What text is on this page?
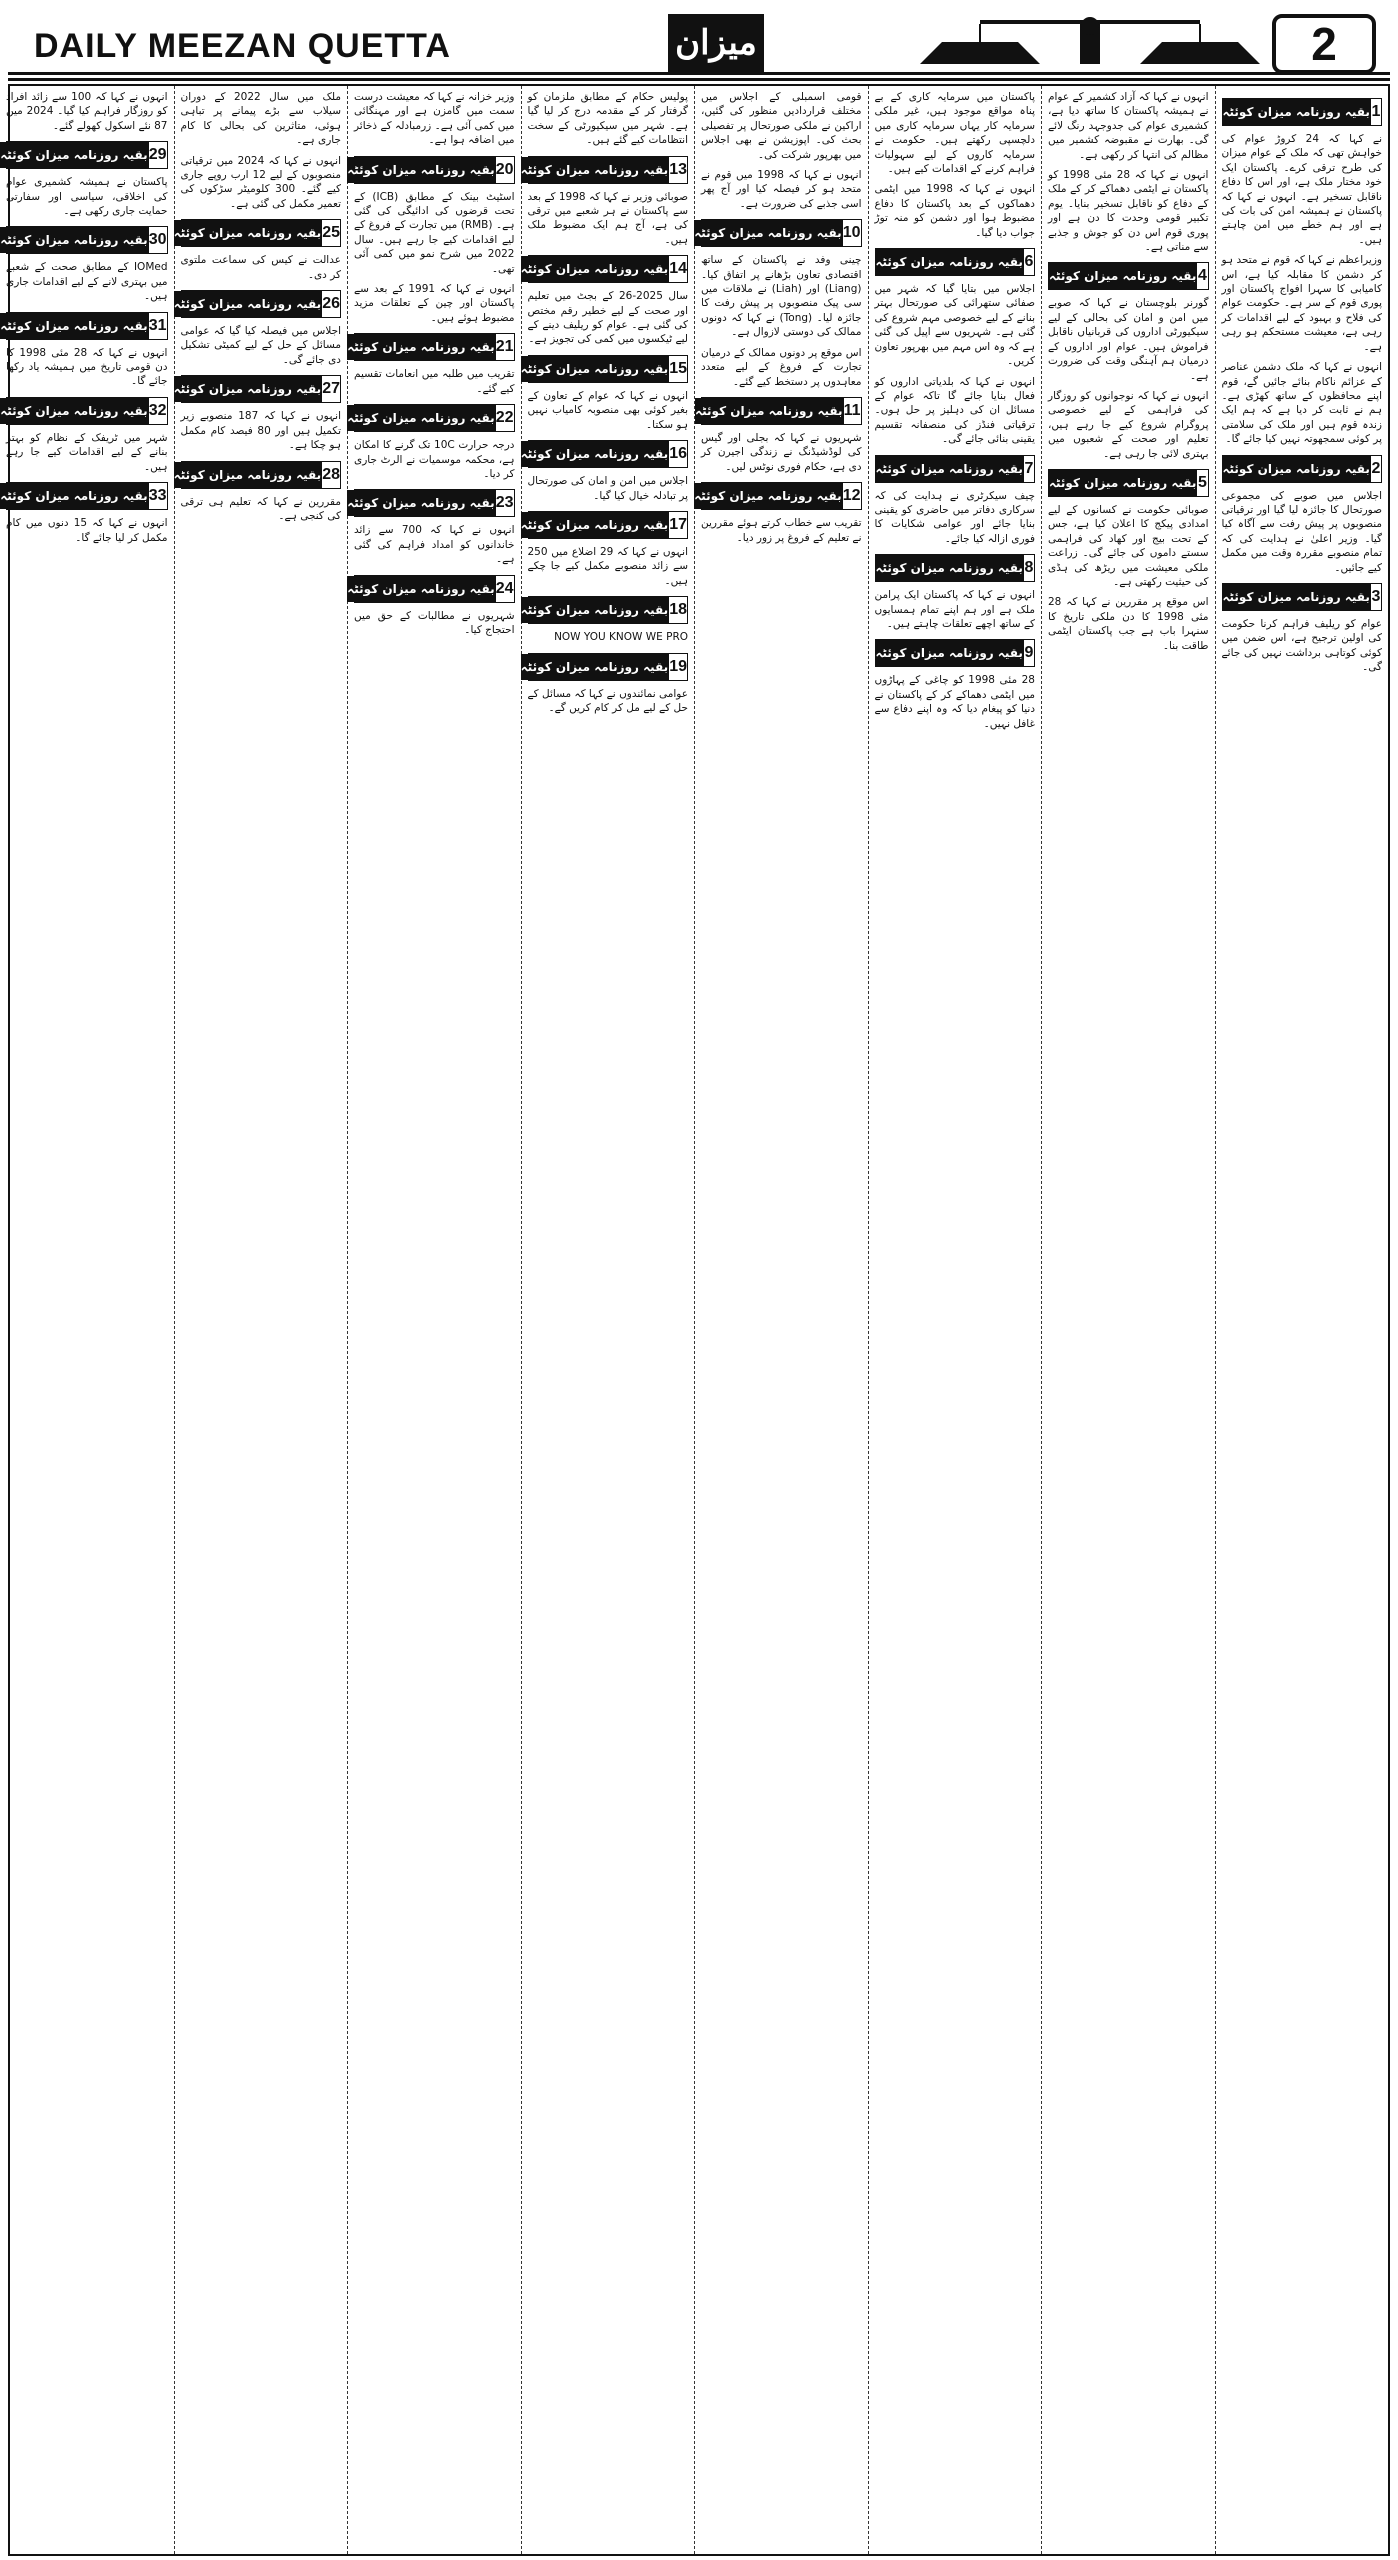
DAILY MEEZAN QUETTA	میزان	2
1
بقیہ روزنامہ میزان کوئٹہ

نے کہا کہ 24 کروڑ عوام کی خواہش تھی کہ ملک کے عوام میزان کی طرح ترقی کرے۔ پاکستان ایک خود مختار ملک ہے، اور اس کا دفاع ناقابل تسخیر ہے۔ انہوں نے کہا کہ پاکستان نے ہمیشہ امن کی بات کی ہے اور ہم خطے میں امن چاہتے ہیں۔

وزیراعظم نے کہا کہ قوم نے متحد ہو کر دشمن کا مقابلہ کیا ہے، اس کامیابی کا سہرا افواج پاکستان اور پوری قوم کے سر ہے۔ حکومت عوام کی فلاح و بہبود کے لیے اقدامات کر رہی ہے، معیشت مستحکم ہو رہی ہے۔

انہوں نے کہا کہ ملک دشمن عناصر کے عزائم ناکام بنائے جائیں گے، قوم اپنے محافظوں کے ساتھ کھڑی ہے۔ ہم نے ثابت کر دیا ہے کہ ہم ایک زندہ قوم ہیں اور ملک کی سلامتی پر کوئی سمجھوتہ نہیں کیا جائے گا۔

2
بقیہ روزنامہ میزان کوئٹہ

اجلاس میں صوبے کی مجموعی صورتحال کا جائزہ لیا گیا اور ترقیاتی منصوبوں پر پیش رفت سے آگاہ کیا گیا۔ وزیر اعلیٰ نے ہدایت کی کہ تمام منصوبے مقررہ وقت میں مکمل کیے جائیں۔

3
بقیہ روزنامہ میزان کوئٹہ

عوام کو ریلیف فراہم کرنا حکومت کی اولین ترجیح ہے، اس ضمن میں کوئی کوتاہی برداشت نہیں کی جائے گی۔

انہوں نے کہا کہ آزاد کشمیر کے عوام نے ہمیشہ پاکستان کا ساتھ دیا ہے، کشمیری عوام کی جدوجہد رنگ لائے گی۔ بھارت نے مقبوضہ کشمیر میں مظالم کی انتہا کر رکھی ہے۔

انہوں نے کہا کہ 28 مئی 1998 کو پاکستان نے ایٹمی دھماکے کر کے ملک کے دفاع کو ناقابل تسخیر بنایا۔ یوم تکبیر قومی وحدت کا دن ہے اور پوری قوم اس دن کو جوش و جذبے سے مناتی ہے۔

4
بقیہ روزنامہ میزان کوئٹہ

گورنر بلوچستان نے کہا کہ صوبے میں امن و امان کی بحالی کے لیے سیکیورٹی اداروں کی قربانیاں ناقابل فراموش ہیں۔ عوام اور اداروں کے درمیان ہم آہنگی وقت کی ضرورت ہے۔

انہوں نے کہا کہ نوجوانوں کو روزگار کی فراہمی کے لیے خصوصی پروگرام شروع کیے جا رہے ہیں، تعلیم اور صحت کے شعبوں میں بہتری لائی جا رہی ہے۔

5
بقیہ روزنامہ میزان کوئٹہ

صوبائی حکومت نے کسانوں کے لیے امدادی پیکج کا اعلان کیا ہے، جس کے تحت بیج اور کھاد کی فراہمی سستے داموں کی جائے گی۔ زراعت ملکی معیشت میں ریڑھ کی ہڈی کی حیثیت رکھتی ہے۔

اس موقع پر مقررین نے کہا کہ 28 مئی 1998 کا دن ملکی تاریخ کا سنہرا باب ہے جب پاکستان ایٹمی طاقت بنا۔

پاکستان میں سرمایہ کاری کے بے پناہ مواقع موجود ہیں، غیر ملکی سرمایہ کار یہاں سرمایہ کاری میں دلچسپی رکھتے ہیں۔ حکومت نے سرمایہ کاروں کے لیے سہولیات فراہم کرنے کے اقدامات کیے ہیں۔

انہوں نے کہا کہ 1998 میں ایٹمی دھماکوں کے بعد پاکستان کا دفاع مضبوط ہوا اور دشمن کو منہ توڑ جواب دیا گیا۔

6
بقیہ روزنامہ میزان کوئٹہ

اجلاس میں بتایا گیا کہ شہر میں صفائی ستھرائی کی صورتحال بہتر بنانے کے لیے خصوصی مہم شروع کی گئی ہے۔ شہریوں سے اپیل کی گئی ہے کہ وہ اس مہم میں بھرپور تعاون کریں۔

انہوں نے کہا کہ بلدیاتی اداروں کو فعال بنایا جائے گا تاکہ عوام کے مسائل ان کی دہلیز پر حل ہوں۔ ترقیاتی فنڈز کی منصفانہ تقسیم یقینی بنائی جائے گی۔

7
بقیہ روزنامہ میزان کوئٹہ

چیف سیکرٹری نے ہدایت کی کہ سرکاری دفاتر میں حاضری کو یقینی بنایا جائے اور عوامی شکایات کا فوری ازالہ کیا جائے۔

8
بقیہ روزنامہ میزان کوئٹہ

انہوں نے کہا کہ پاکستان ایک پرامن ملک ہے اور ہم اپنے تمام ہمسایوں کے ساتھ اچھے تعلقات چاہتے ہیں۔

9
بقیہ روزنامہ میزان کوئٹہ

28 مئی 1998 کو چاغی کے پہاڑوں میں ایٹمی دھماکے کر کے پاکستان نے دنیا کو پیغام دیا کہ وہ اپنے دفاع سے غافل نہیں۔

قومی اسمبلی کے اجلاس میں مختلف قراردادیں منظور کی گئیں، اراکین نے ملکی صورتحال پر تفصیلی بحث کی۔ اپوزیشن نے بھی اجلاس میں بھرپور شرکت کی۔

انہوں نے کہا کہ 1998 میں قوم نے متحد ہو کر فیصلہ کیا اور آج پھر اسی جذبے کی ضرورت ہے۔

10
بقیہ روزنامہ میزان کوئٹہ

چینی وفد نے پاکستان کے ساتھ اقتصادی تعاون بڑھانے پر اتفاق کیا۔ (Liang) اور (Liah) نے ملاقات میں سی پیک منصوبوں پر پیش رفت کا جائزہ لیا۔ (Tong) نے کہا کہ دونوں ممالک کی دوستی لازوال ہے۔

اس موقع پر دونوں ممالک کے درمیان تجارت کے فروغ کے لیے متعدد معاہدوں پر دستخط کیے گئے۔

11
بقیہ روزنامہ میزان کوئٹہ

شہریوں نے کہا کہ بجلی اور گیس کی لوڈشیڈنگ نے زندگی اجیرن کر دی ہے، حکام فوری نوٹس لیں۔

12
بقیہ روزنامہ میزان کوئٹہ

تقریب سے خطاب کرتے ہوئے مقررین نے تعلیم کے فروغ پر زور دیا۔

پولیس حکام کے مطابق ملزمان کو گرفتار کر کے مقدمہ درج کر لیا گیا ہے۔ شہر میں سیکیورٹی کے سخت انتظامات کیے گئے ہیں۔

13
بقیہ روزنامہ میزان کوئٹہ

صوبائی وزیر نے کہا کہ 1998 کے بعد سے پاکستان نے ہر شعبے میں ترقی کی ہے، آج ہم ایک مضبوط ملک ہیں۔

14
بقیہ روزنامہ میزان کوئٹہ

سال 2025-26 کے بجٹ میں تعلیم اور صحت کے لیے خطیر رقم مختص کی گئی ہے۔ عوام کو ریلیف دینے کے لیے ٹیکسوں میں کمی کی تجویز ہے۔

15
بقیہ روزنامہ میزان کوئٹہ

انہوں نے کہا کہ عوام کے تعاون کے بغیر کوئی بھی منصوبہ کامیاب نہیں ہو سکتا۔

16
بقیہ روزنامہ میزان کوئٹہ

اجلاس میں امن و امان کی صورتحال پر تبادلہ خیال کیا گیا۔

17
بقیہ روزنامہ میزان کوئٹہ

انہوں نے کہا کہ 29 اضلاع میں 250 سے زائد منصوبے مکمل کیے جا چکے ہیں۔

18
بقیہ روزنامہ میزان کوئٹہ

NOW YOU KNOW WE PRO

19
بقیہ روزنامہ میزان کوئٹہ

عوامی نمائندوں نے کہا کہ مسائل کے حل کے لیے مل کر کام کریں گے۔

وزیر خزانہ نے کہا کہ معیشت درست سمت میں گامزن ہے اور مہنگائی میں کمی آئی ہے۔ زرمبادلہ کے ذخائر میں اضافہ ہوا ہے۔

20
بقیہ روزنامہ میزان کوئٹہ

اسٹیٹ بینک کے مطابق (ICB) کے تحت قرضوں کی ادائیگی کی گئی ہے۔ (RMB) میں تجارت کے فروغ کے لیے اقدامات کیے جا رہے ہیں۔ سال 2022 میں شرح نمو میں کمی آئی تھی۔

انہوں نے کہا کہ 1991 کے بعد سے پاکستان اور چین کے تعلقات مزید مضبوط ہوئے ہیں۔

21
بقیہ روزنامہ میزان کوئٹہ

تقریب میں طلبہ میں انعامات تقسیم کیے گئے۔

22
بقیہ روزنامہ میزان کوئٹہ

درجہ حرارت 10C تک گرنے کا امکان ہے، محکمہ موسمیات نے الرٹ جاری کر دیا۔

23
بقیہ روزنامہ میزان کوئٹہ

انہوں نے کہا کہ 700 سے زائد خاندانوں کو امداد فراہم کی گئی ہے۔

24
بقیہ روزنامہ میزان کوئٹہ

شہریوں نے مطالبات کے حق میں احتجاج کیا۔

ملک میں سال 2022 کے دوران سیلاب سے بڑے پیمانے پر تباہی ہوئی، متاثرین کی بحالی کا کام جاری ہے۔

انہوں نے کہا کہ 2024 میں ترقیاتی منصوبوں کے لیے 12 ارب روپے جاری کیے گئے۔ 300 کلومیٹر سڑکوں کی تعمیر مکمل کی گئی ہے۔

25
بقیہ روزنامہ میزان کوئٹہ

عدالت نے کیس کی سماعت ملتوی کر دی۔

26
بقیہ روزنامہ میزان کوئٹہ

اجلاس میں فیصلہ کیا گیا کہ عوامی مسائل کے حل کے لیے کمیٹی تشکیل دی جائے گی۔

27
بقیہ روزنامہ میزان کوئٹہ

انہوں نے کہا کہ 187 منصوبے زیر تکمیل ہیں اور 80 فیصد کام مکمل ہو چکا ہے۔

28
بقیہ روزنامہ میزان کوئٹہ

مقررین نے کہا کہ تعلیم ہی ترقی کی کنجی ہے۔

انہوں نے کہا کہ 100 سے زائد افراد کو روزگار فراہم کیا گیا۔ 2024 میں 87 نئے اسکول کھولے گئے۔

29
بقیہ روزنامہ میزان کوئٹہ

پاکستان نے ہمیشہ کشمیری عوام کی اخلاقی، سیاسی اور سفارتی حمایت جاری رکھی ہے۔

30
بقیہ روزنامہ میزان کوئٹہ

IOMed کے مطابق صحت کے شعبے میں بہتری لانے کے لیے اقدامات جاری ہیں۔

31
بقیہ روزنامہ میزان کوئٹہ

انہوں نے کہا کہ 28 مئی 1998 کا دن قومی تاریخ میں ہمیشہ یاد رکھا جائے گا۔

32
بقیہ روزنامہ میزان کوئٹہ

شہر میں ٹریفک کے نظام کو بہتر بنانے کے لیے اقدامات کیے جا رہے ہیں۔

33
بقیہ روزنامہ میزان کوئٹہ

انہوں نے کہا کہ 15 دنوں میں کام مکمل کر لیا جائے گا۔
